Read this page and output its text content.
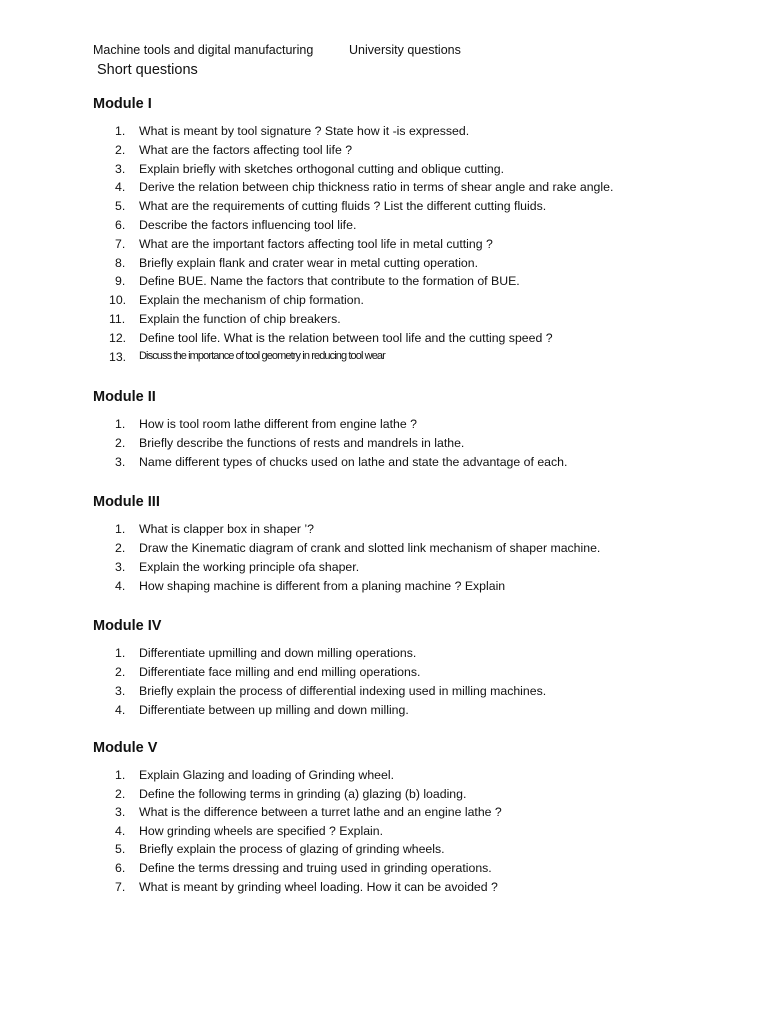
Machine tools and digital manufacturing	University questions
Short questions
Module I
1.	What is meant by tool signature ? State how it -is expressed.
2.	What are the factors affecting tool life ?
3.	Explain briefly with sketches orthogonal cutting and oblique cutting.
4.	Derive the relation between chip thickness ratio in terms of shear angle and rake angle.
5.	What are the requirements of cutting fluids ? List the different cutting fluids.
6.	Describe the factors influencing tool life.
7.	What are the important factors affecting tool life in metal cutting ?
8.	Briefly explain flank and crater wear in metal cutting operation.
9.	Define BUE. Name the factors that contribute to the formation of BUE.
10.	Explain the mechanism of chip formation.
11.	Explain the function of chip breakers.
12.	Define tool life. What is the relation between tool life and the cutting speed ?
13.	Discuss the importance of tool geometry in reducing tool wear
Module II
1.	How is tool room lathe different from engine lathe ?
2.	Briefly describe the functions of rests and mandrels in lathe.
3.	Name different types of chucks used on lathe and state the advantage of each.
Module III
1.	What is clapper box in shaper ’?
2.	Draw the Kinematic diagram of crank and slotted link mechanism of shaper machine.
3.	Explain the working principle ofa shaper.
4.	How shaping machine is different from a planing machine ? Explain
Module IV
1.	Differentiate upmilling and down milling operations.
2.	Differentiate face milling and end milling operations.
3.	Briefly explain the process of differential indexing used in milling machines.
4.	Differentiate between up milling and down milling.
Module V
1.	Explain Glazing and loading of Grinding wheel.
2.	Define the following terms in grinding (a) glazing (b) loading.
3.	What is the difference between a turret lathe and an engine lathe ?
4.	How grinding wheels are specified ? Explain.
5.	Briefly explain the process of glazing of grinding wheels.
6.	Define the terms dressing and truing used in grinding operations.
7.	What is meant by grinding wheel loading. How it can be avoided ?
